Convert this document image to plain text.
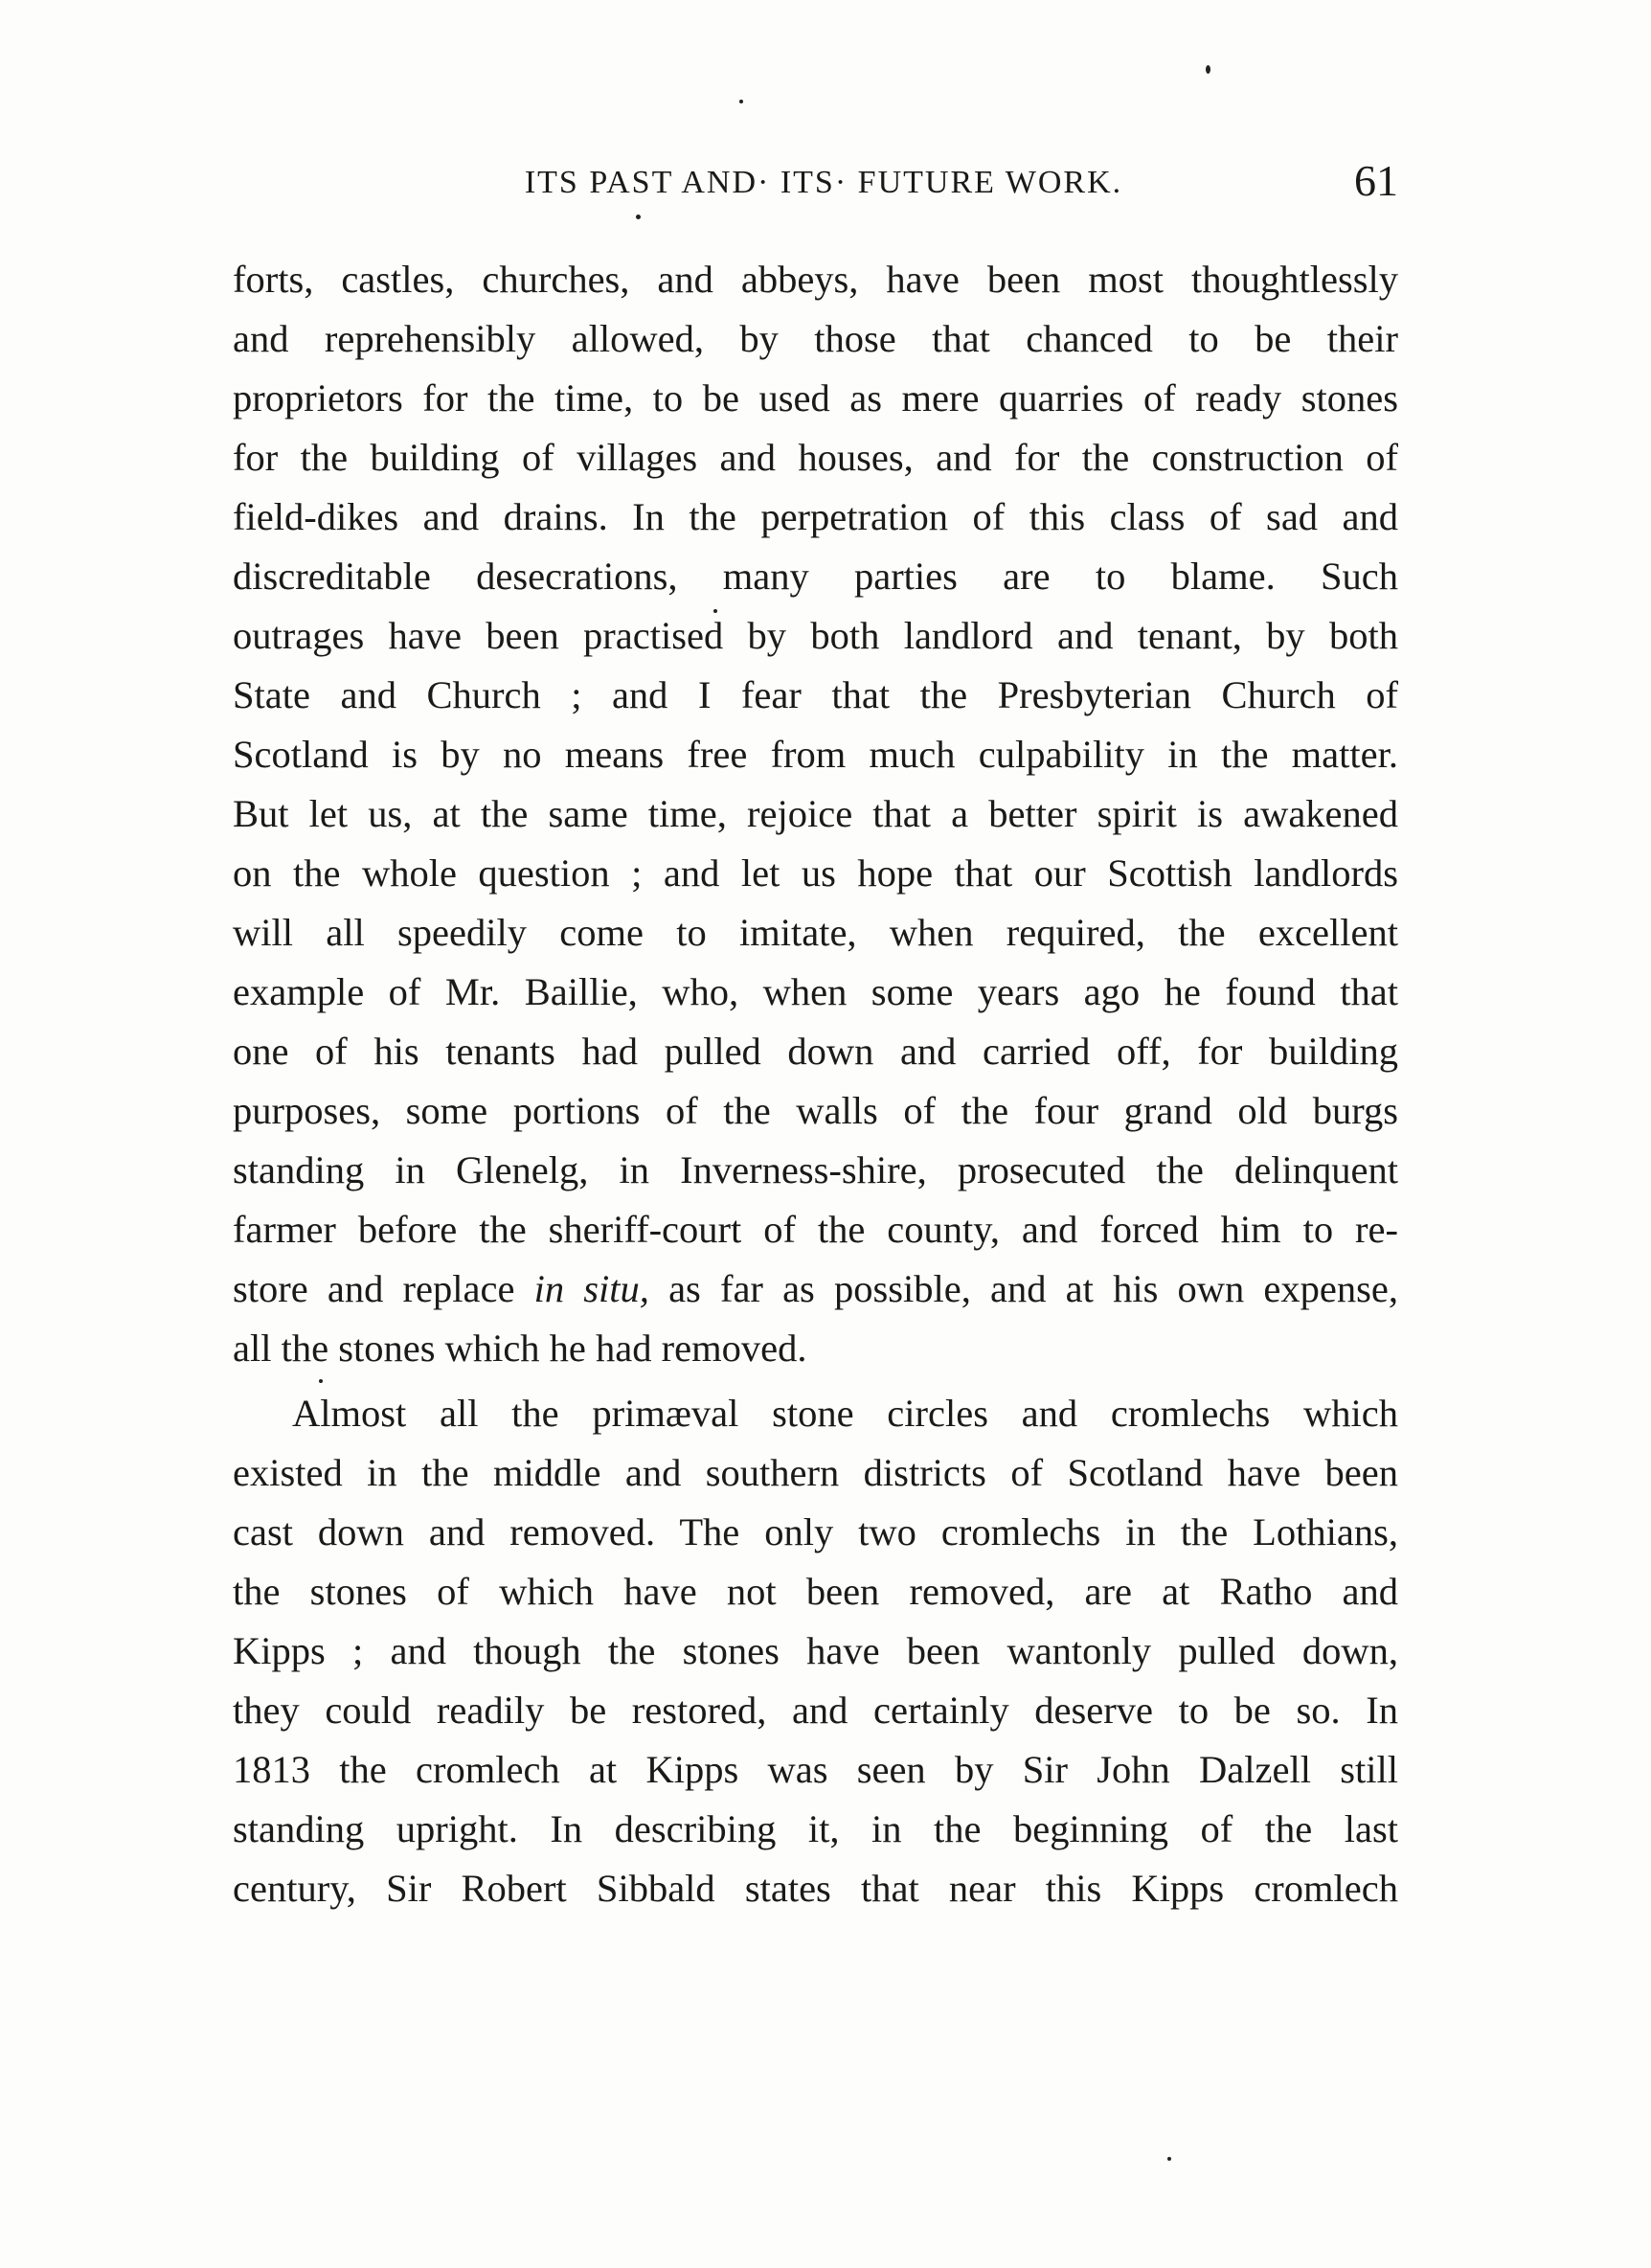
ITS PAST AND· ITS· FUTURE WORK.	61
forts, castles, churches, and abbeys, have been most thoughtlessly
and reprehensibly allowed, by those that chanced to be their
proprietors for the time, to be used as mere quarries of ready stones
for the building of villages and houses, and for the construction of
field-dikes and drains. In the perpetration of this class of sad and
discreditable desecrations, many parties are to blame. Such
outrages have been practised by both landlord and tenant, by both
State and Church ; and I fear that the Presbyterian Church of
Scotland is by no means free from much culpability in the matter.
But let us, at the same time, rejoice that a better spirit is awakened
on the whole question ; and let us hope that our Scottish landlords
will all speedily come to imitate, when required, the excellent
example of Mr. Baillie, who, when some years ago he found that
one of his tenants had pulled down and carried off, for building
purposes, some portions of the walls of the four grand old burgs
standing in Glenelg, in Inverness-shire, prosecuted the delinquent
farmer before the sheriff-court of the county, and forced him to re-
store and replace in situ, as far as possible, and at his own expense,
all the stones which he had removed.
Almost all the primæval stone circles and cromlechs which
existed in the middle and southern districts of Scotland have been
cast down and removed. The only two cromlechs in the Lothians,
the stones of which have not been removed, are at Ratho and
Kipps ; and though the stones have been wantonly pulled down,
they could readily be restored, and certainly deserve to be so. In
1813 the cromlech at Kipps was seen by Sir John Dalzell still
standing upright. In describing it, in the beginning of the last
century, Sir Robert Sibbald states that near this Kipps cromlech
